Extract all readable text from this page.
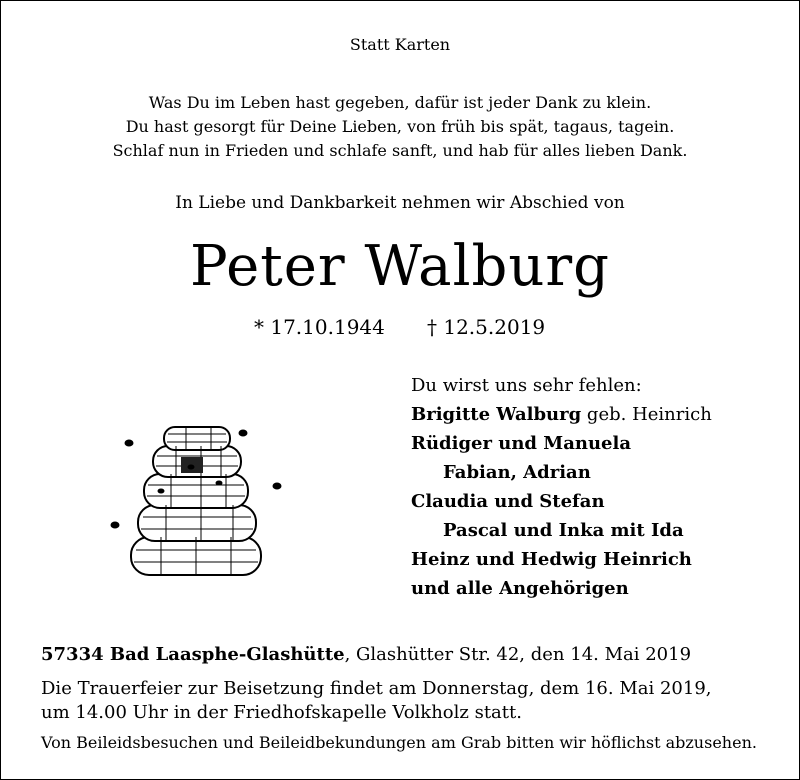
Statt Karten
Was Du im Leben hast gegeben, dafür ist jeder Dank zu klein.
Du hast gesorgt für Deine Lieben, von früh bis spät, tagaus, tagein.
Schlaf nun in Frieden und schlafe sanft, und hab für alles lieben Dank.
In Liebe und Dankbarkeit nehmen wir Abschied von
Peter Walburg
* 17.10.1944 † 12.5.2019
Du wirst uns sehr fehlen:
Brigitte Walburg geb. Heinrich
Rüdiger und Manuela
Fabian, Adrian
Claudia und Stefan
Pascal und Inka mit Ida
Heinz und Hedwig Heinrich
und alle Angehörigen
57334 Bad Laasphe-Glashütte, Glashütter Str. 42, den 14. Mai 2019
Die Trauerfeier zur Beisetzung findet am Donnerstag, dem 16. Mai 2019,
um 14.00 Uhr in der Friedhofskapelle Volkholz statt.
Von Beileidsbesuchen und Beileidbekundungen am Grab bitten wir höflichst abzusehen.
